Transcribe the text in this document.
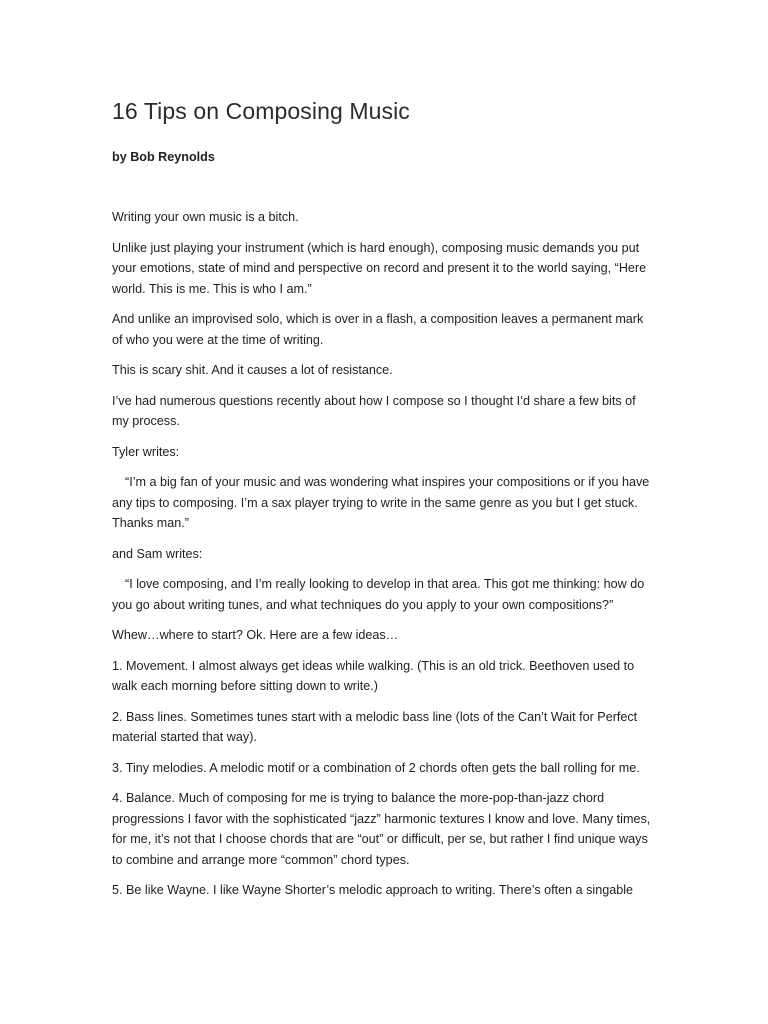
16 Tips on Composing Music
by Bob Reynolds

Writing your own music is a bitch.

Unlike just playing your instrument (which is hard enough), composing music demands you put your emotions, state of mind and perspective on record and present it to the world saying, “Here world. This is me. This is who I am.”

And unlike an improvised solo, which is over in a flash, a composition leaves a permanent mark of who you were at the time of writing.

This is scary shit. And it causes a lot of resistance.

I’ve had numerous questions recently about how I compose so I thought I’d share a few bits of my process.

Tyler writes:

“I’m a big fan of your music and was wondering what inspires your compositions or if you have any tips to composing. I’m a sax player trying to write in the same genre as you but I get stuck. Thanks man.”

and Sam writes:

“I love composing, and I’m really looking to develop in that area. This got me thinking: how do you go about writing tunes, and what techniques do you apply to your own compositions?”

Whew…where to start? Ok. Here are a few ideas…

1. Movement. I almost always get ideas while walking. (This is an old trick. Beethoven used to walk each morning before sitting down to write.)

2. Bass lines. Sometimes tunes start with a melodic bass line (lots of the Can’t Wait for Perfect material started that way).

3. Tiny melodies. A melodic motif or a combination of 2 chords often gets the ball rolling for me.

4. Balance. Much of composing for me is trying to balance the more-pop-than-jazz chord progressions I favor with the sophisticated “jazz” harmonic textures I know and love. Many times, for me, it’s not that I choose chords that are “out” or difficult, per se, but rather I find unique ways to combine and arrange more “common” chord types.

5. Be like Wayne. I like Wayne Shorter’s melodic approach to writing. There’s often a singable
